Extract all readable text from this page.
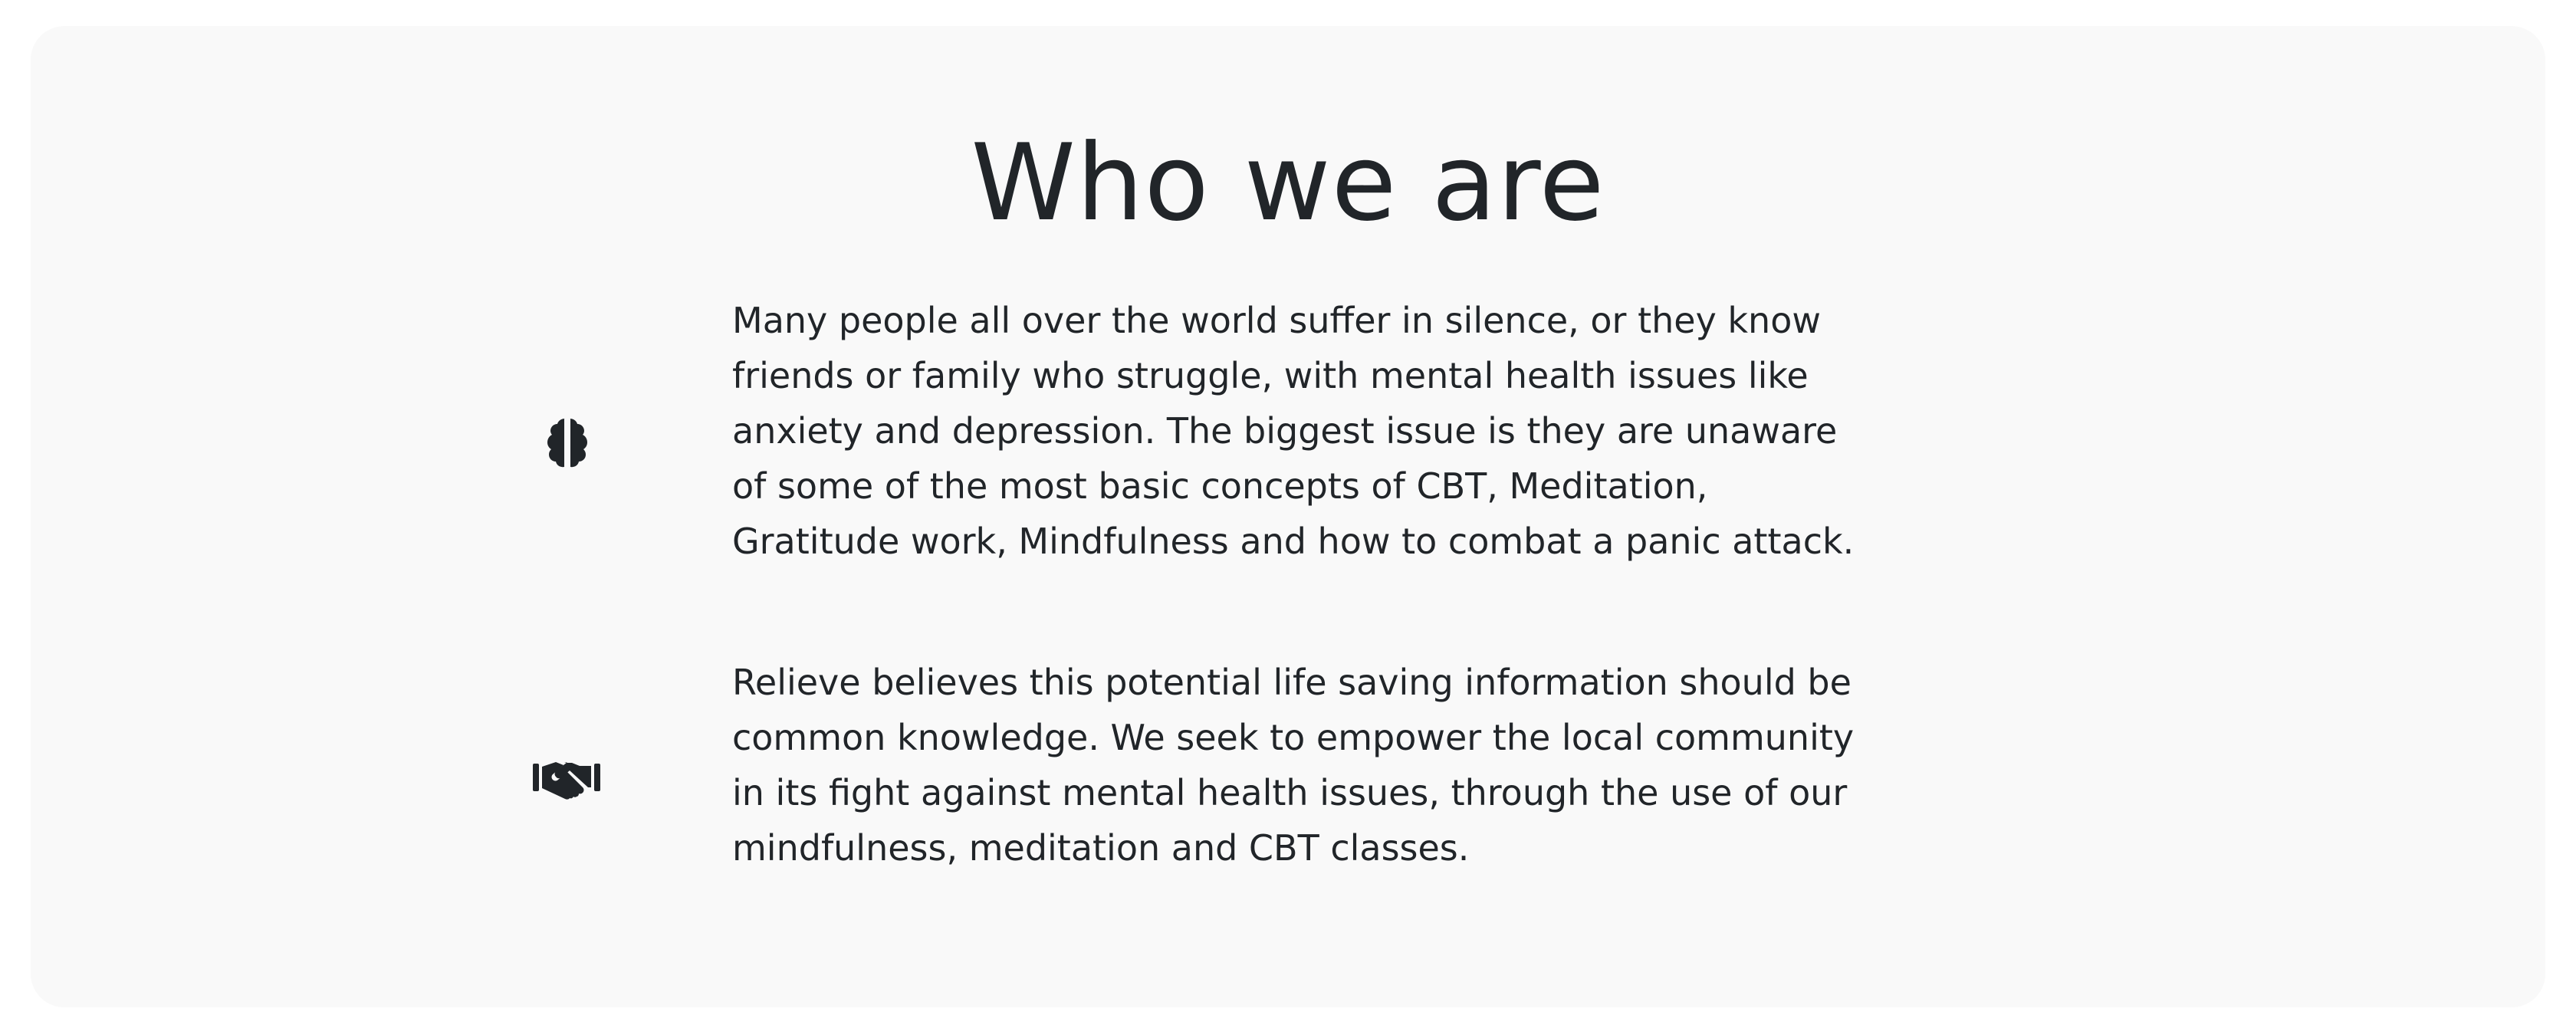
Who we are

Many people all over the world suffer in silence, or they know friends or family who struggle, with mental health issues like anxiety and depression. The biggest issue is they are unaware of some of the most basic concepts of CBT, Meditation, Gratitude work, Mindfulness and how to combat a panic attack.

Relieve believes this potential life saving information should be common knowledge. We seek to empower the local community in its fight against mental health issues, through the use of our mindfulness, meditation and CBT classes.
